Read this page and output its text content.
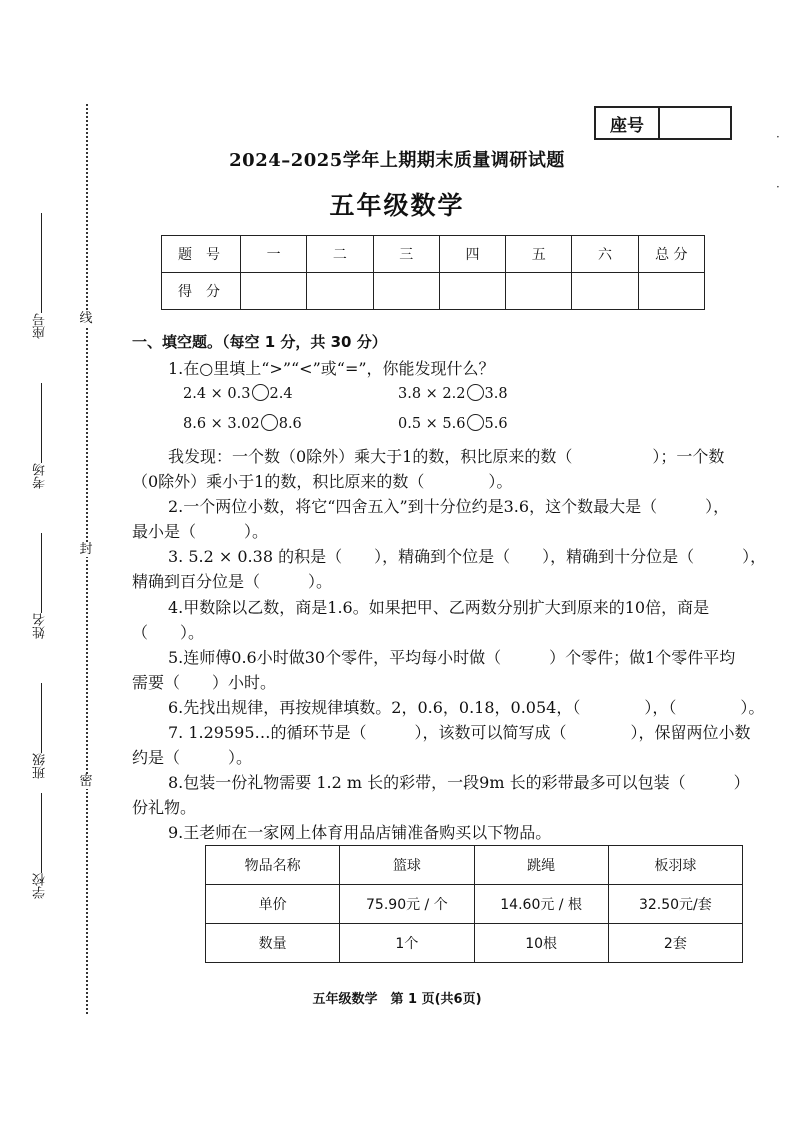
线
封
密
座号
考场
姓名
班级
学校
座号
2024–2025学年上期期末质量调研试题
五年级数学
题号	一	二	三	四	五	六	总 分
得分							
一、填空题。（每空 1 分，共 30 分）
1.在○里填上“>”“<”或“=”，你能发现什么？
2.4 × 0.3 2.4	3.8 × 2.2 3.8
8.6 × 3.02 8.6	0.5 × 5.6 5.6
我发现：一个数（0除外）乘大于1的数，积比原来的数（　　　　　）；一个数
（0除外）乘小于1的数，积比原来的数（　　　　）。
2.一个两位小数，将它“四舍五入”到十分位约是3.6，这个数最大是（　　　），
最小是（　　　）。
3. 5.2 × 0.38 的积是（　　），精确到个位是（　　），精确到十分位是（　　　），
精确到百分位是（　　　）。
4.甲数除以乙数，商是1.6。如果把甲、乙两数分别扩大到原来的10倍，商是
（　　）。
5.连师傅0.6小时做30个零件，平均每小时做（　　　）个零件；做1个零件平均
需要（　　）小时。
6.先找出规律，再按规律填数。2，0.6，0.18，0.054，（　　　　），（　　　　）。
7. 1.29595…的循环节是（　　　），该数可以简写成（　　　　），保留两位小数
约是（　　　）。
8.包装一份礼物需要 1.2 m 长的彩带，一段9m 长的彩带最多可以包装（　　　）
份礼物。
9.王老师在一家网上体育用品店铺准备购买以下物品。
物品名称	篮球	跳绳	板羽球
单价	75.90元 / 个	14.60元 / 根	32.50元/套
数量	1个	10根	2套
五年级数学　第 1 页(共6页)
·
·
